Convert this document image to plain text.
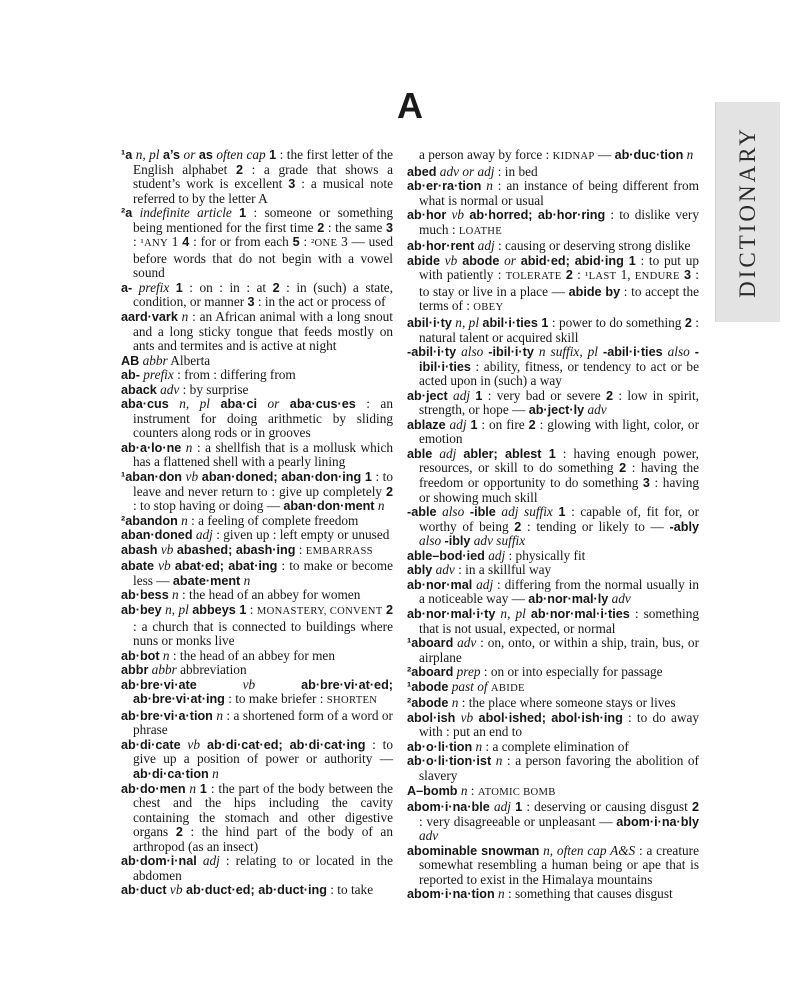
A
¹a n, pl a’s or as often cap 1 : the first letter of the English alphabet 2 : a grade that shows a student’s work is excellent 3 : a musical note referred to by the letter A
²a indefinite article 1 : someone or something being mentioned for the first time 2 : the same 3 : ¹ANY 1 4 : for or from each 5 : ²ONE 3 — used before words that do not begin with a vowel sound
a- prefix 1 : on : in : at 2 : in (such) a state, condition, or manner 3 : in the act or process of
aard·vark n : an African animal with a long snout and a long sticky tongue that feeds mostly on ants and termites and is active at night
AB abbr Alberta
ab- prefix : from : differing from
aback adv : by surprise
aba·cus n, pl aba·ci or aba·cus·es : an instrument for doing arithmetic by sliding counters along rods or in grooves
ab·a·lo·ne n : a shellfish that is a mollusk which has a flattened shell with a pearly lining
¹aban·don vb aban·doned; aban·don·ing 1 : to leave and never return to : give up completely 2 : to stop having or doing — aban·don·ment n
²abandon n : a feeling of complete freedom
aban·doned adj : given up : left empty or unused
abash vb abashed; abash·ing : EMBARRASS
abate vb abat·ed; abat·ing : to make or become less — abate·ment n
ab·bess n : the head of an abbey for women
ab·bey n, pl abbeys 1 : MONASTERY, CONVENT 2 : a church that is connected to buildings where nuns or monks live
ab·bot n : the head of an abbey for men
abbr abbr abbreviation
ab·bre·vi·ate vb ab·bre·vi·at·ed; ab·bre·vi·at·ing : to make briefer : SHORTEN
ab·bre·vi·a·tion n : a shortened form of a word or phrase
ab·di·cate vb ab·di·cat·ed; ab·di·cat·ing : to give up a position of power or authority — ab·di·ca·tion n
ab·do·men n 1 : the part of the body between the chest and the hips including the cavity containing the stomach and other digestive organs 2 : the hind part of the body of an arthropod (as an insect)
ab·dom·i·nal adj : relating to or located in the abdomen
ab·duct vb ab·duct·ed; ab·duct·ing : to take
a person away by force : KIDNAP — ab·duc·tion n
abed adv or adj : in bed
ab·er·ra·tion n : an instance of being different from what is normal or usual
ab·hor vb ab·horred; ab·hor·ring : to dislike very much : LOATHE
ab·hor·rent adj : causing or deserving strong dislike
abide vb abode or abid·ed; abid·ing 1 : to put up with patiently : TOLERATE 2 : ¹LAST 1, ENDURE 3 : to stay or live in a place — abide by : to accept the terms of : OBEY
abil·i·ty n, pl abil·i·ties 1 : power to do something 2 : natural talent or acquired skill
-abil·i·ty also -ibil·i·ty n suffix, pl -abil·i·ties also -ibil·i·ties : ability, fitness, or tendency to act or be acted upon in (such) a way
ab·ject adj 1 : very bad or severe 2 : low in spirit, strength, or hope — ab·ject·ly adv
ablaze adj 1 : on fire 2 : glowing with light, color, or emotion
able adj abler; ablest 1 : having enough power, resources, or skill to do something 2 : having the freedom or opportunity to do something 3 : having or showing much skill
-able also -ible adj suffix 1 : capable of, fit for, or worthy of being 2 : tending or likely to — -ably also -ibly adv suffix
able–bod·ied adj : physically fit
ably adv : in a skillful way
ab·nor·mal adj : differing from the normal usually in a noticeable way — ab·nor·mal·ly adv
ab·nor·mal·i·ty n, pl ab·nor·mal·i·ties : something that is not usual, expected, or normal
¹aboard adv : on, onto, or within a ship, train, bus, or airplane
²aboard prep : on or into especially for passage
¹abode past of ABIDE
²abode n : the place where someone stays or lives
abol·ish vb abol·ished; abol·ish·ing : to do away with : put an end to
ab·o·li·tion n : a complete elimination of
ab·o·li·tion·ist n : a person favoring the abolition of slavery
A–bomb n : ATOMIC BOMB
abom·i·na·ble adj 1 : deserving or causing disgust 2 : very disagreeable or unpleasant — abom·i·na·bly adv
abominable snowman n, often cap A&S : a creature somewhat resembling a human being or ape that is reported to exist in the Himalaya mountains
abom·i·na·tion n : something that causes disgust
DICTIONARY
